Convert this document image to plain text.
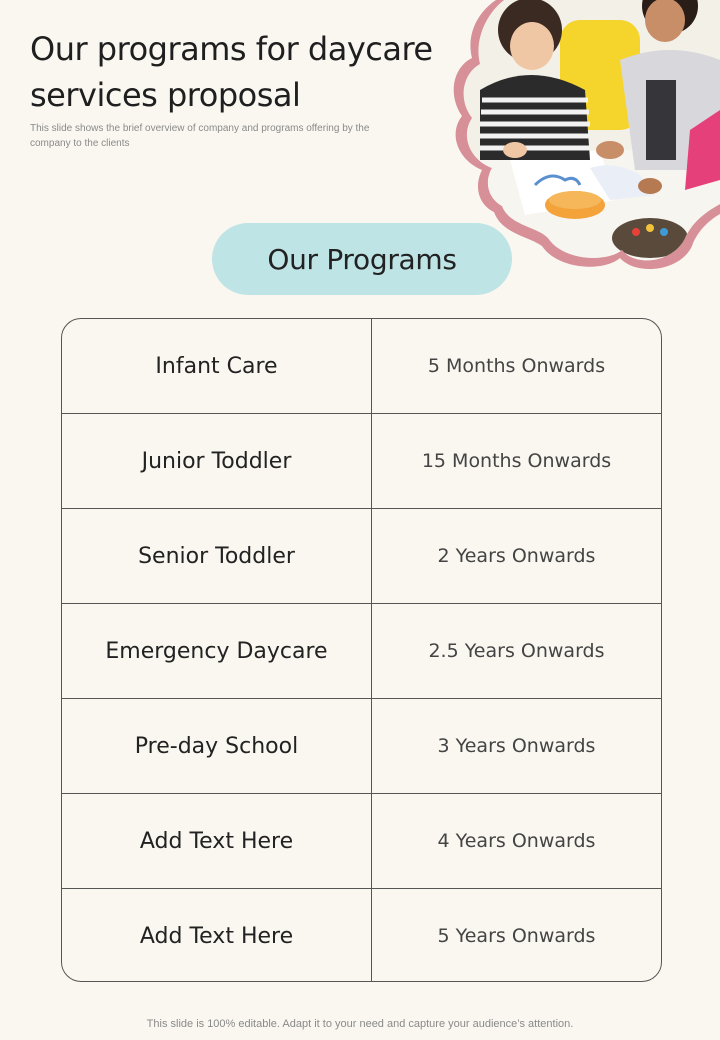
Our programs for daycare services proposal

This slide shows the brief overview of company and programs offering by the company to the clients

Our Programs
Infant Care	5 Months Onwards
Junior Toddler	15 Months Onwards
Senior Toddler	2 Years Onwards
Emergency Daycare	2.5 Years Onwards
Pre-day School	3 Years Onwards
Add Text Here	4 Years Onwards
Add Text Here	5 Years Onwards
This slide is 100% editable. Adapt it to your need and capture your audience’s attention.
